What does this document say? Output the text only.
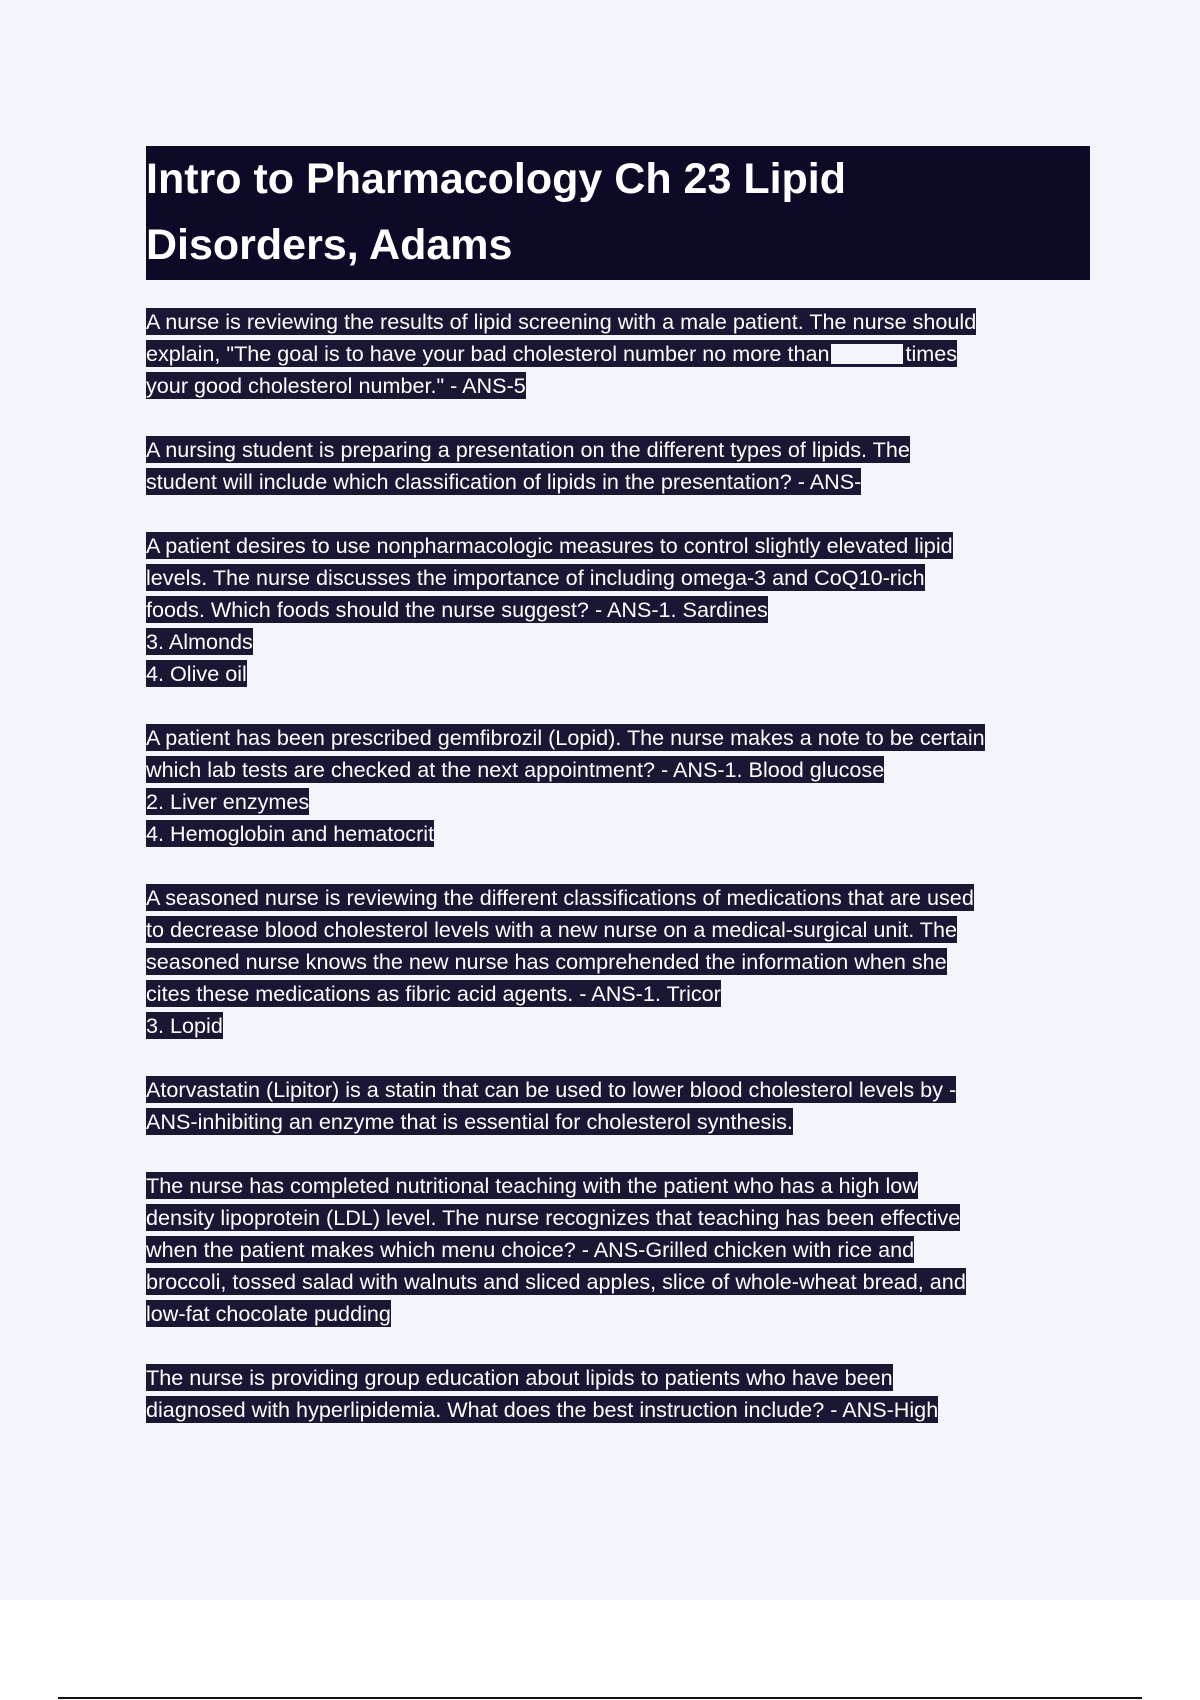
Intro to Pharmacology Ch 23 Lipid
Disorders, Adams
A nurse is reviewing the results of lipid screening with a male patient. The nurse should
explain, "The goal is to have your bad cholesterol number no more than	times
your good cholesterol number." - ANS-5
A nursing student is preparing a presentation on the different types of lipids. The
student will include which classification of lipids in the presentation? - ANS-
A patient desires to use nonpharmacologic measures to control slightly elevated lipid
levels. The nurse discusses the importance of including omega-3 and CoQ10-rich
foods. Which foods should the nurse suggest? - ANS-1. Sardines
3. Almonds
4. Olive oil
A patient has been prescribed gemfibrozil (Lopid). The nurse makes a note to be certain
which lab tests are checked at the next appointment? - ANS-1. Blood glucose
2. Liver enzymes
4. Hemoglobin and hematocrit
A seasoned nurse is reviewing the different classifications of medications that are used
to decrease blood cholesterol levels with a new nurse on a medical-surgical unit. The
seasoned nurse knows the new nurse has comprehended the information when she
cites these medications as fibric acid agents. - ANS-1. Tricor
3. Lopid
Atorvastatin (Lipitor) is a statin that can be used to lower blood cholesterol levels by -
ANS-inhibiting an enzyme that is essential for cholesterol synthesis.
The nurse has completed nutritional teaching with the patient who has a high low
density lipoprotein (LDL) level. The nurse recognizes that teaching has been effective
when the patient makes which menu choice? - ANS-Grilled chicken with rice and
broccoli, tossed salad with walnuts and sliced apples, slice of whole-wheat bread, and
low-fat chocolate pudding
The nurse is providing group education about lipids to patients who have been
diagnosed with hyperlipidemia. What does the best instruction include? - ANS-High
